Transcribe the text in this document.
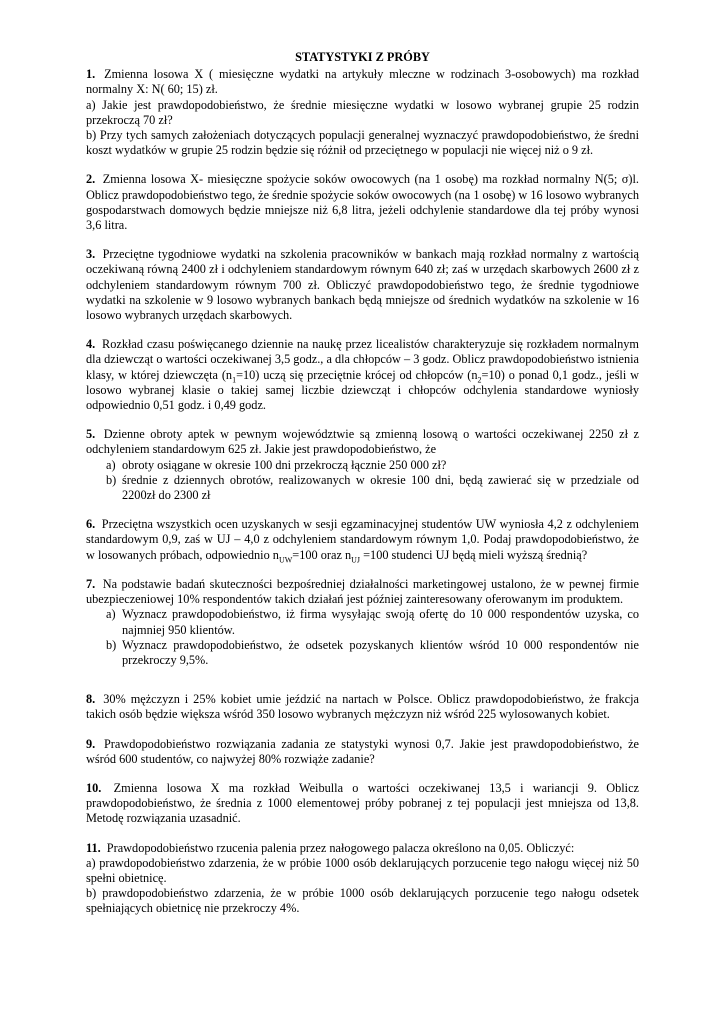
STATYSTYKI Z PRÓBY

1. Zmienna losowa X ( miesięczne wydatki na artykuły mleczne w rodzinach 3-osobowych) ma rozkład normalny X: N( 60; 15) zł.

a) Jakie jest prawdopodobieństwo, że średnie miesięczne wydatki w losowo wybranej grupie 25 rodzin przekroczą 70 zł?

b) Przy tych samych założeniach dotyczących populacji generalnej wyznaczyć prawdopodobieństwo, że średni koszt wydatków w grupie 25 rodzin będzie się różnił od przeciętnego w populacji nie więcej niż o 9 zł.

2. Zmienna losowa X- miesięczne spożycie soków owocowych (na 1 osobę) ma rozkład normalny N(5; σ)l. Oblicz prawdopodobieństwo tego, że średnie spożycie soków owocowych (na 1 osobę) w 16 losowo wybranych gospodarstwach domowych będzie mniejsze niż 6,8 litra, jeżeli odchylenie standardowe dla tej próby wynosi 3,6 litra.

3. Przeciętne tygodniowe wydatki na szkolenia pracowników w bankach mają rozkład normalny z wartością oczekiwaną równą 2400 zł i odchyleniem standardowym równym 640 zł; zaś w urzędach skarbowych 2600 zł z odchyleniem standardowym równym 700 zł. Obliczyć prawdopodobieństwo tego, że średnie tygodniowe wydatki na szkolenie w 9 losowo wybranych bankach będą mniejsze od średnich wydatków na szkolenie w 16 losowo wybranych urzędach skarbowych.

4. Rozkład czasu poświęcanego dziennie na naukę przez licealistów charakteryzuje się rozkładem normalnym dla dziewcząt o wartości oczekiwanej 3,5 godz., a dla chłopców – 3 godz. Oblicz prawdopodobieństwo istnienia klasy, w której dziewczęta $(n_1=10)$ uczą się przeciętnie krócej od chłopców $(n_2=10)$ o ponad 0,1 godz., jeśli w losowo wybranej klasie o takiej samej liczbie dziewcząt i chłopców odchylenia standardowe wyniosły odpowiednio 0,51 godz. i 0,49 godz.

5. Dzienne obroty aptek w pewnym województwie są zmienną losową o wartości oczekiwanej 2250 zł z odchyleniem standardowym 625 zł. Jakie jest prawdopodobieństwo, że

a) obroty osiągane w okresie 100 dni przekroczą łącznie 250 000 zł?

b) średnie z dziennych obrotów, realizowanych w okresie 100 dni, będą zawierać się w przedziale od 2200zł do 2300 zł

6. Przeciętna wszystkich ocen uzyskanych w sesji egzaminacyjnej studentów UW wyniosła 4,2 z odchyleniem standardowym 0,9, zaś w UJ – 4,0 z odchyleniem standardowym równym 1,0. Podaj prawdopodobieństwo, że w losowanych próbach, odpowiednio $n_{UW}=100$ oraz $n_{UJ} =100$ studenci UJ będą mieli wyższą średnią?

7. Na podstawie badań skuteczności bezpośredniej działalności marketingowej ustalono, że w pewnej firmie ubezpieczeniowej 10% respondentów takich działań jest później zainteresowany oferowanym im produktem.

a) Wyznacz prawdopodobieństwo, iż firma wysyłając swoją ofertę do 10 000 respondentów uzyska, co najmniej 950 klientów.

b) Wyznacz prawdopodobieństwo, że odsetek pozyskanych klientów wśród 10 000 respondentów nie przekroczy 9,5%.

8. 30% mężczyzn i 25% kobiet umie jeździć na nartach w Polsce. Oblicz prawdopodobieństwo, że frakcja takich osób będzie większa wśród 350 losowo wybranych mężczyzn niż wśród 225 wylosowanych kobiet.

9. Prawdopodobieństwo rozwiązania zadania ze statystyki wynosi 0,7. Jakie jest prawdopodobieństwo, że wśród 600 studentów, co najwyżej 80% rozwiąże zadanie?

10. Zmienna losowa X ma rozkład Weibulla o wartości oczekiwanej 13,5 i wariancji 9. Oblicz prawdopodobieństwo, że średnia z 1000 elementowej próby pobranej z tej populacji jest mniejsza od 13,8. Metodę rozwiązania uzasadnić.

11. Prawdopodobieństwo rzucenia palenia przez nałogowego palacza określono na 0,05. Obliczyć:

a) prawdopodobieństwo zdarzenia, że w próbie 1000 osób deklarujących porzucenie tego nałogu więcej niż 50 spełni obietnicę.

b) prawdopodobieństwo zdarzenia, że w próbie 1000 osób deklarujących porzucenie tego nałogu odsetek spełniających obietnicę nie przekroczy 4%.
